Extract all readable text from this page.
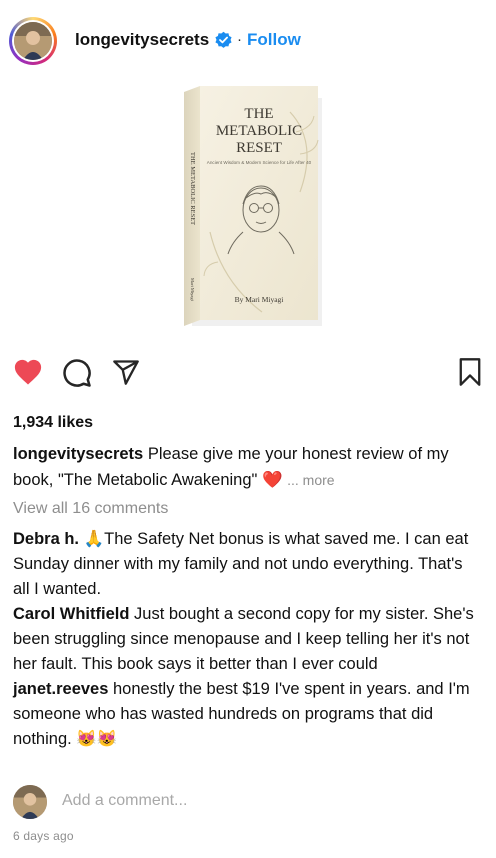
longevitysecrets · Follow
THE
METABOLIC
RESET
Ancient Wisdom & Modern Science for Life After 40
By Mari Miyagi
THE METABOLIC RESET
Mari Miyagi
1,934 likes
longevitysecrets Please give me your honest review of my book, "The Metabolic Awakening" ❤️ ... more
View all 16 comments
Debra h. 🙏The Safety Net bonus is what saved me. I can eat Sunday dinner with my family and not undo everything. That's all I wanted.
Carol Whitfield Just bought a second copy for my sister. She's been struggling since menopause and I keep telling her it's not her fault. This book says it better than I ever could
janet.reeves honestly the best $19 I've spent in years. and I'm someone who has wasted hundreds on programs that did nothing. 😻😻
Add a comment...
6 days ago
